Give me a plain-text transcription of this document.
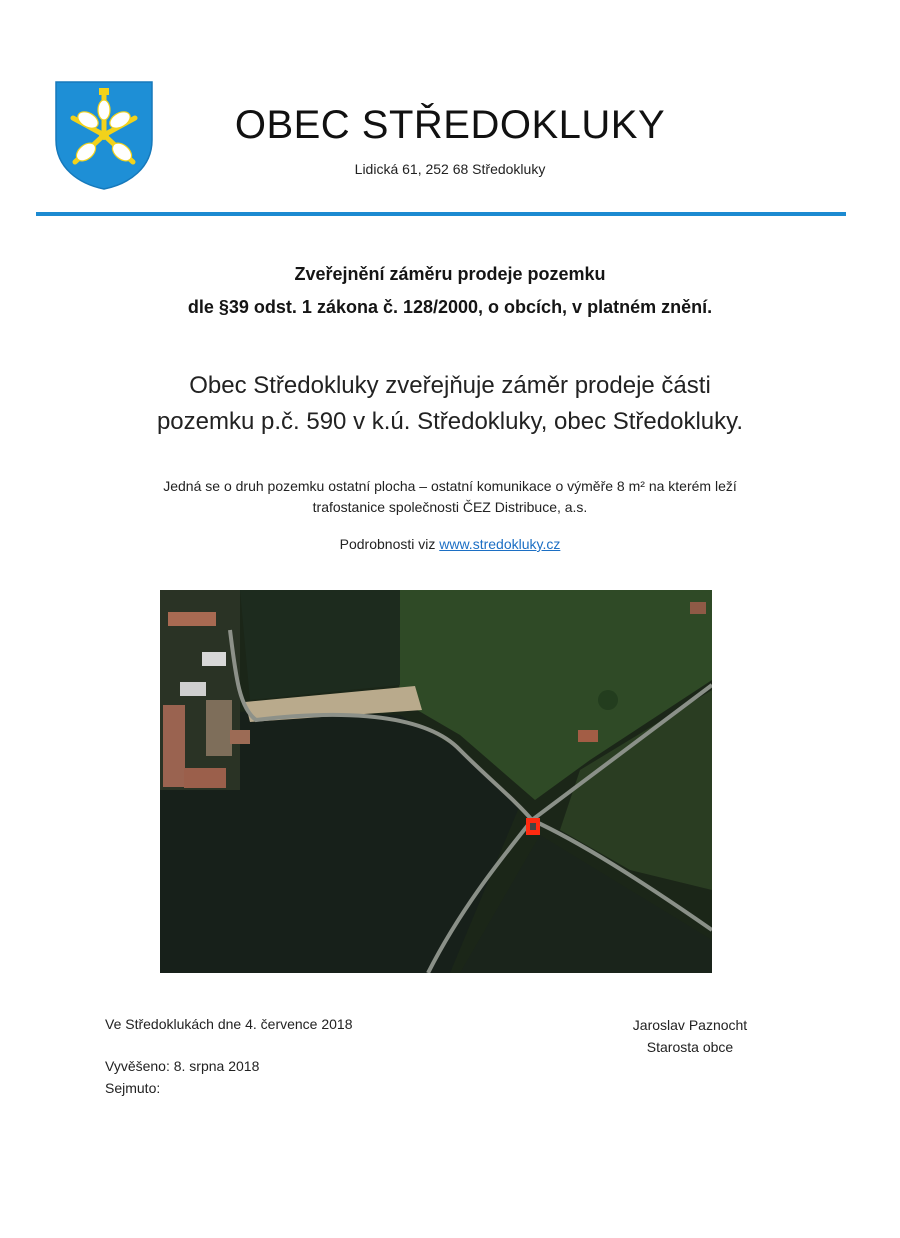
OBEC STŘEDOKLUKY
Lidická 61, 252 68 Středokluky
Zveřejnění záměru prodeje pozemku
dle §39 odst. 1 zákona č. 128/2000, o obcích, v platném znění.
Obec Středokluky zveřejňuje záměr prodeje části
pozemku p.č. 590 v k.ú. Středokluky, obec Středokluky.
Jedná se o druh pozemku ostatní plocha – ostatní komunikace o výměře 8 m² na kterém leží
trafostanice společnosti ČEZ Distribuce, a.s.
Podrobnosti viz www.stredokluky.cz
Ve Středoklukách dne 4. července 2018
Vyvěšeno: 8. srpna 2018
Sejmuto:
Jaroslav Paznocht
Starosta obce
